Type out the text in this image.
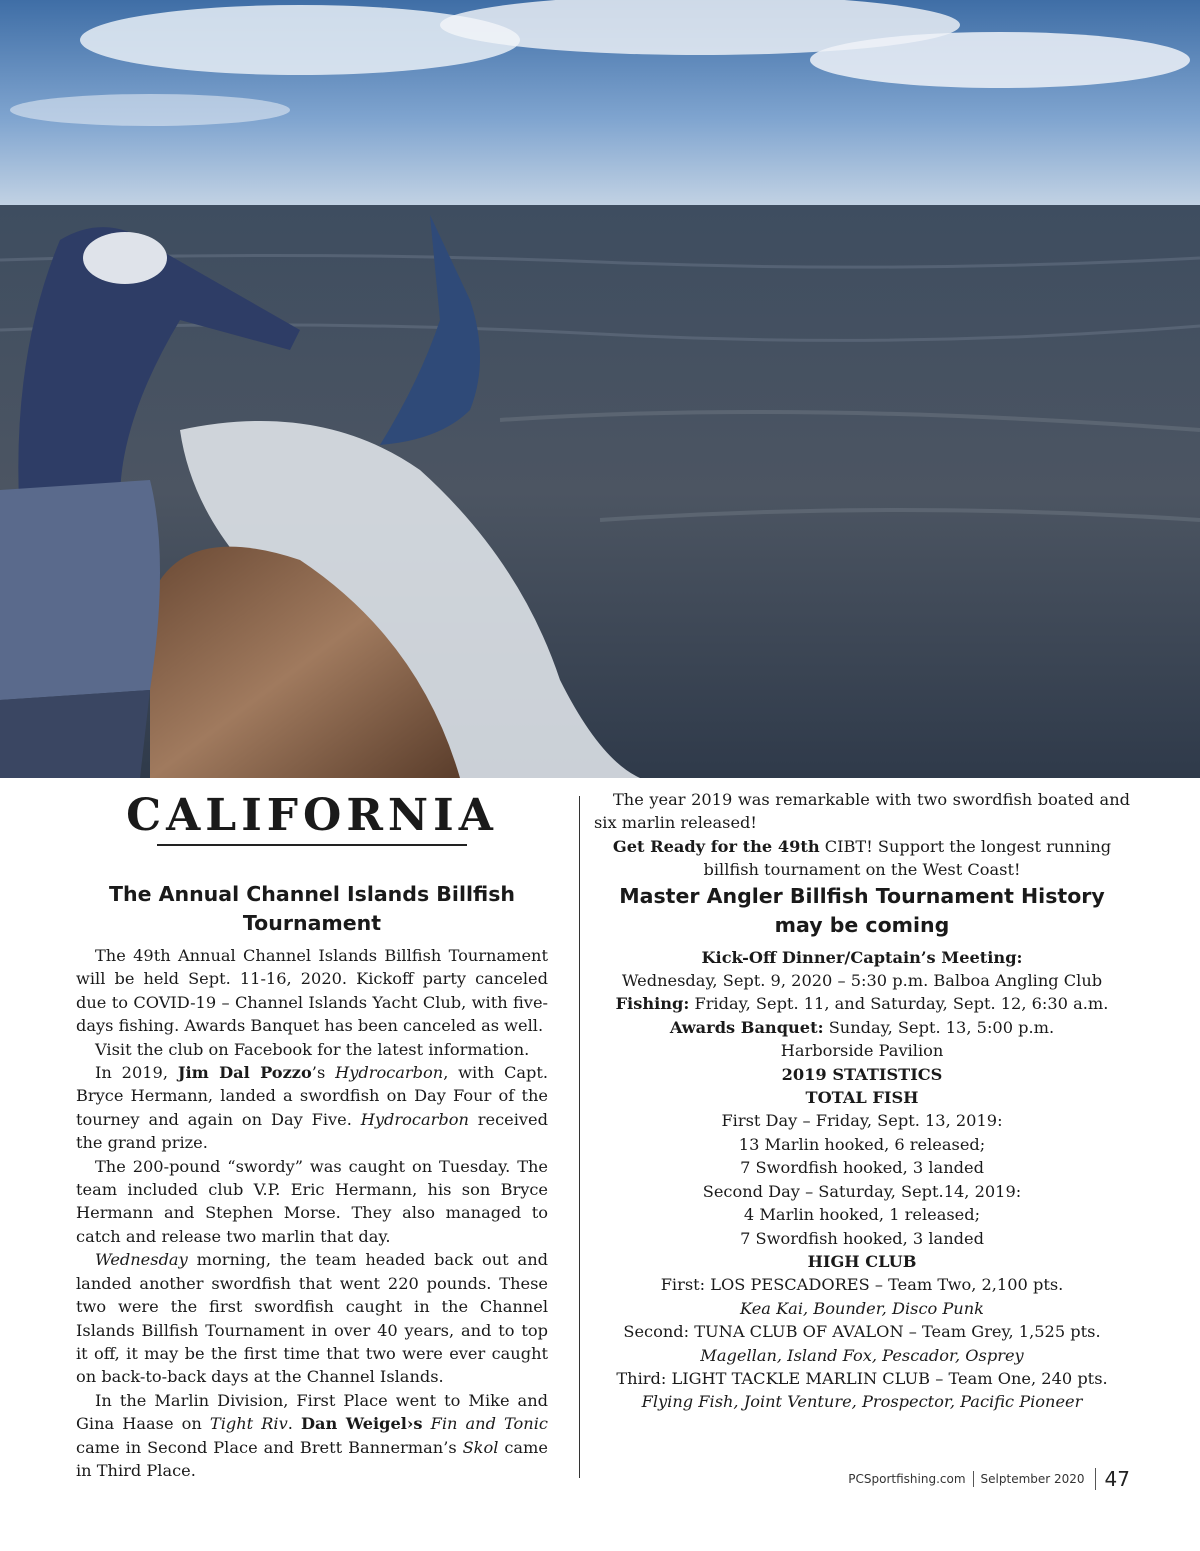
CALIFORNIA
The Annual Channel Islands Billfish Tournament

The 49th Annual Channel Islands Billfish Tournament will be held Sept. 11-16, 2020. Kickoff party canceled due to COVID-19 – Channel Islands Yacht Club, with five-days fishing. Awards Banquet has been canceled as well.

Visit the club on Facebook for the latest information.

In 2019, Jim Dal Pozzo’s Hydrocarbon, with Capt. Bryce Hermann, landed a swordfish on Day Four of the tourney and again on Day Five. Hydrocarbon received the grand prize.

The 200-pound “swordy” was caught on Tuesday. The team included club V.P. Eric Hermann, his son Bryce Hermann and Stephen Morse. They also managed to catch and release two marlin that day.

Wednesday morning, the team headed back out and landed another swordfish that went 220 pounds. These two were the first swordfish caught in the Channel Islands Billfish Tournament in over 40 years, and to top it off, it may be the first time that two were ever caught on back-to-back days at the Channel Islands.

In the Marlin Division, First Place went to Mike and Gina Haase on Tight Riv. Dan Weigel›s Fin and Tonic came in Second Place and Brett Bannerman’s Skol came in Third Place.

The year 2019 was remarkable with two swordfish boated and six marlin released!

Get Ready for the 49th CIBT! Support the longest running billfish tournament on the West Coast!

Master Angler Billfish Tournament History may be coming

Kick-Off Dinner/Captain’s Meeting:

Wednesday, Sept. 9, 2020 – 5:30 p.m. Balboa Angling Club

Fishing: Friday, Sept. 11, and Saturday, Sept. 12, 6:30 a.m.

Awards Banquet: Sunday, Sept. 13, 5:00 p.m.

Harborside Pavilion

2019 STATISTICS

TOTAL FISH

First Day – Friday, Sept. 13, 2019:

13 Marlin hooked, 6 released;

7 Swordfish hooked, 3 landed

Second Day – Saturday, Sept.14, 2019:

4 Marlin hooked, 1 released;

7 Swordfish hooked, 3 landed

HIGH CLUB

First: LOS PESCADORES – Team Two, 2,100 pts.

Kea Kai, Bounder, Disco Punk

Second: TUNA CLUB OF AVALON – Team Grey, 1,525 pts.

Magellan, Island Fox, Pescador, Osprey

Third: LIGHT TACKLE MARLIN CLUB – Team One, 240 pts.

Flying Fish, Joint Venture, Prospector, Pacific Pioneer

PCSportfishing.com Selptember 2020 47
